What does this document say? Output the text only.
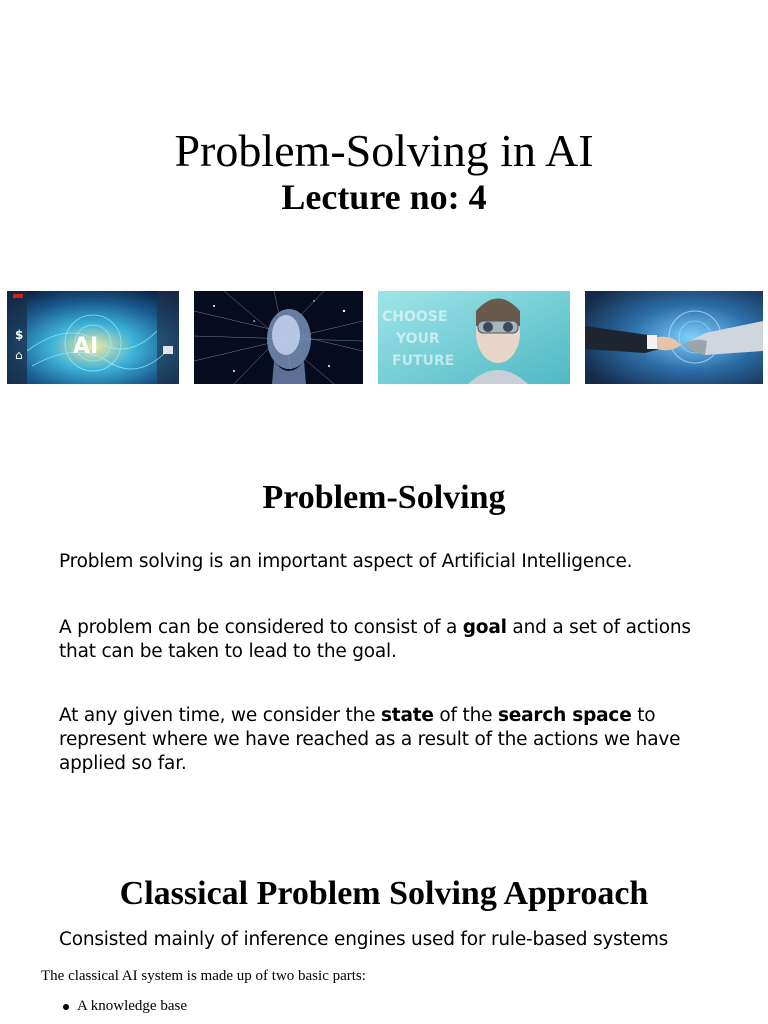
Problem-Solving in AI
Lecture no: 4
AI
$
⌂
CHOOSE
YOUR
FUTURE
Problem-Solving

Problem solving is an important aspect of Artificial Intelligence.

A problem can be considered to consist of a goal and a set of actions that can be taken to lead to the goal.

At any given time, we consider the state of the search space to represent where we have reached as a result of the actions we have applied so far.

Classical Problem Solving Approach

Consisted mainly of inference engines used for rule-based systems

The classical AI system is made up of two basic parts:

A knowledge base
